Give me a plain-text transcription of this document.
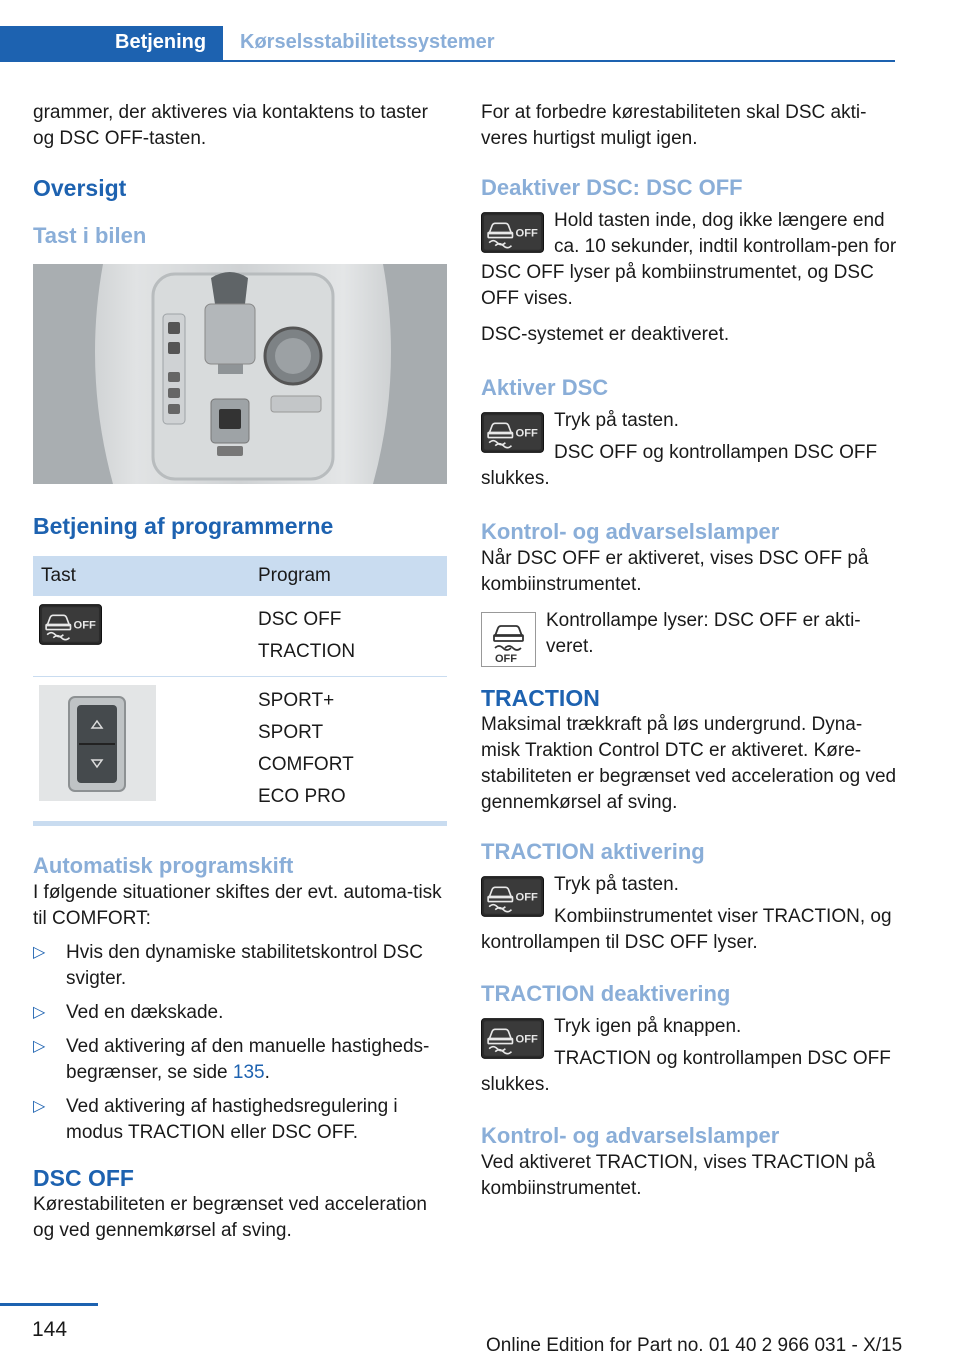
Betjening	Kørselsstabilitetssystemer

grammer, der aktiveres via kontaktens to taster og DSC OFF-tasten.

Oversigt
Tast i bilen
Betjening af programmerne
Tast	Program

DSC OFF
TRACTION

SPORT+
SPORT
COMFORT
ECO PRO
Automatisk programskift

I følgende situationer skiftes der evt. automa‐tisk til COMFORT:

▷ Hvis den dynamiske stabilitetskontrol DSC svigter.
▷ Ved en dækskade.
▷ Ved aktivering af den manuelle hastigheds‐begrænser, se side 135.
▷ Ved aktivering af hastighedsregulering i modus TRACTION eller DSC OFF.
DSC OFF

Kørestabiliteten er begrænset ved acceleration og ved gennemkørsel af sving.

For at forbedre kørestabiliteten skal DSC akti‐veres hurtigst muligt igen.

Deaktiver DSC: DSC OFF

Hold tasten inde, dog ikke længere end ca. 10 sekunder, indtil kontrollam‐pen for DSC OFF lyser på kombiinstrumentet, og DSC OFF vises.

DSC-systemet er deaktiveret.

Aktiver DSC

Tryk på tasten.

DSC OFF og kontrollampen DSC OFF slukkes.

Kontrol- og advarselslamper

Når DSC OFF er aktiveret, vises DSC OFF på kombiinstrumentet.

OFF

Kontrollampe lyser: DSC OFF er akti‐veret.

TRACTION

Maksimal trækkraft på løs undergrund. Dyna‐misk Traktion Control DTC er aktiveret. Køre‐stabiliteten er begrænset ved acceleration og ved gennemkørsel af sving.

TRACTION aktivering

Tryk på tasten.

Kombiinstrumentet viser TRACTION, og kontrollampen til DSC OFF lyser.

TRACTION deaktivering

Tryk igen på knappen.

TRACTION og kontrollampen DSC OFF slukkes.

Kontrol- og advarselslamper

Ved aktiveret TRACTION, vises TRACTION på kombiinstrumentet.

144
Online Edition for Part no. 01 40 2 966 031 - X/15
